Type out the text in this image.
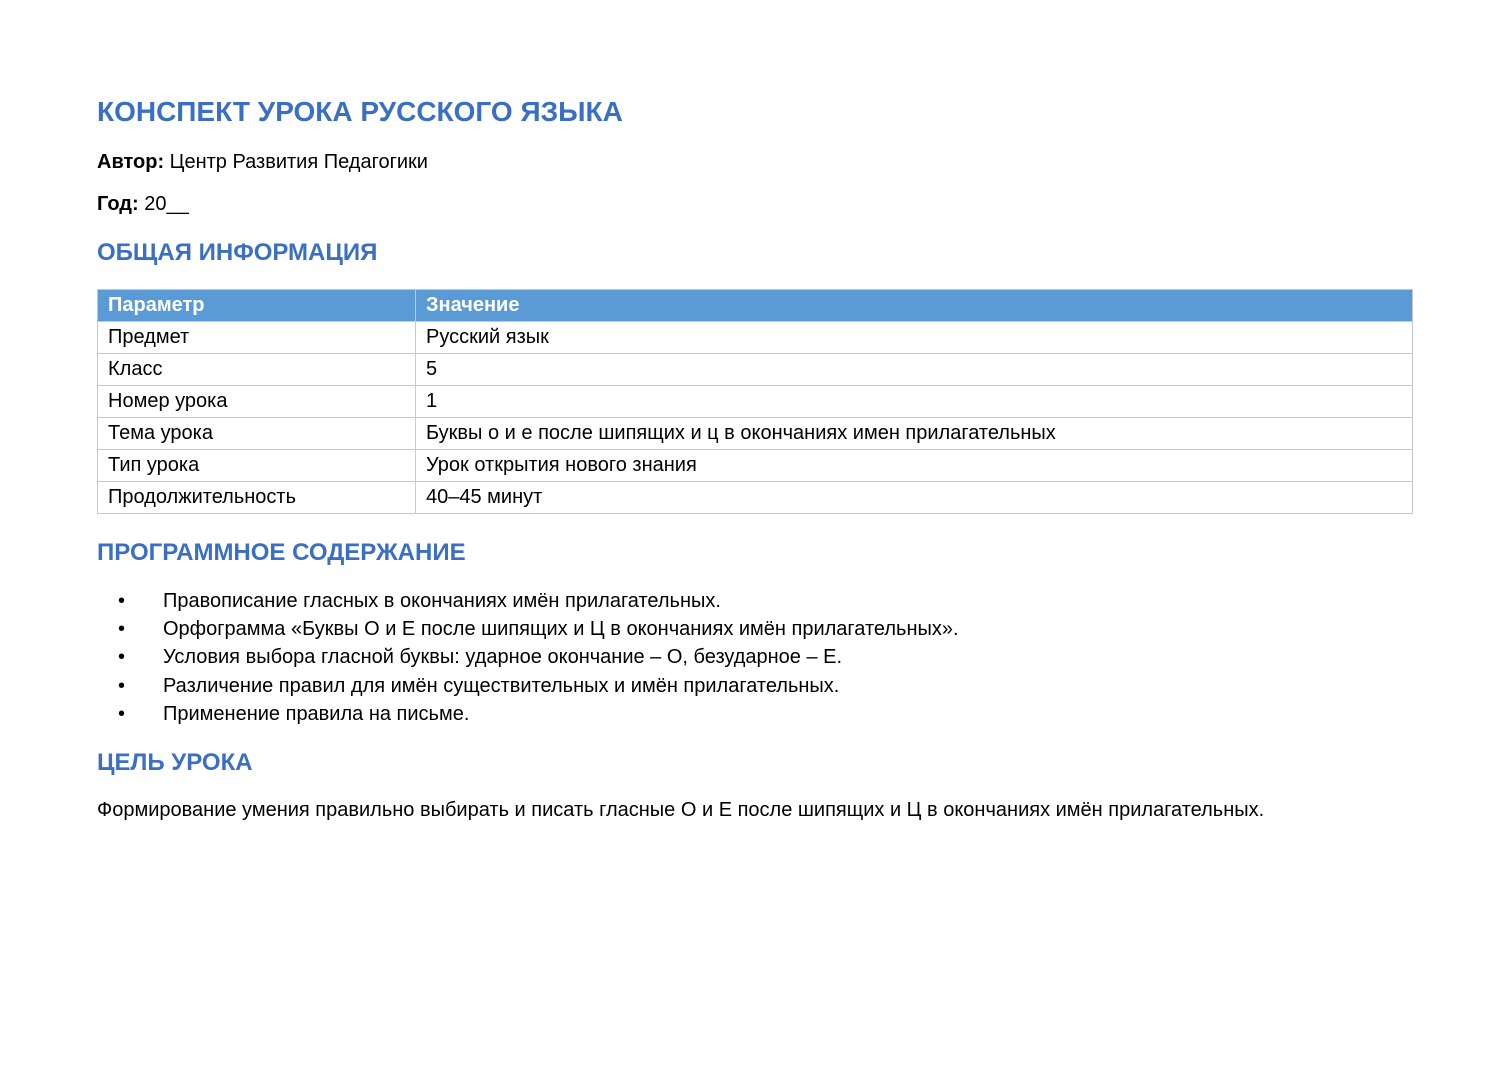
КОНСПЕКТ УРОКА РУССКОГО ЯЗЫКА

Автор: Центр Развития Педагогики

Год: 20__

ОБЩАЯ ИНФОРМАЦИЯ
Параметр	Значение
Предмет	Русский язык
Класс	5
Номер урока	1
Тема урока	Буквы о и е после шипящих и ц в окончаниях имен прилагательных
Тип урока	Урок открытия нового знания
Продолжительность	40–45 минут
ПРОГРАММНОЕ СОДЕРЖАНИЕ
• Правописание гласных в окончаниях имён прилагательных.
• Орфограмма «Буквы О и Е после шипящих и Ц в окончаниях имён прилагательных».
• Условия выбора гласной буквы: ударное окончание – О, безударное – Е.
• Различение правил для имён существительных и имён прилагательных.
• Применение правила на письме.
ЦЕЛЬ УРОКА

Формирование умения правильно выбирать и писать гласные О и Е после шипящих и Ц в окончаниях имён прилагательных.
